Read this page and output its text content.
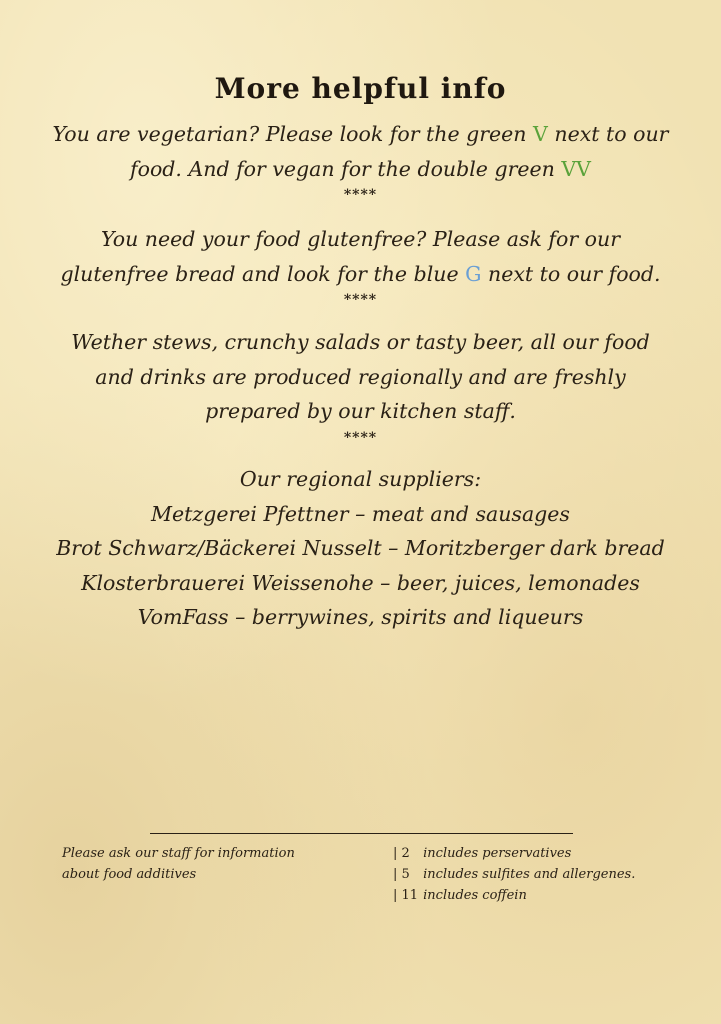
More helpful info
You are vegetarian? Please look for the green V next to our
food. And for vegan for the double green VV
****
You need your food glutenfree? Please ask for our
glutenfree bread and look for the blue G next to our food.
****
Wether stews, crunchy salads or tasty beer, all our food
and drinks are produced regionally and are freshly
prepared by our kitchen staff.
****
Our regional suppliers:
Metzgerei Pfettner – meat and sausages
Brot Schwarz/Bäckerei Nusselt – Moritzberger dark bread
Klosterbrauerei Weissenohe – beer, juices, lemonades
VomFass – berrywines, spirits and liqueurs
Please ask our staff for information
about food additives
| 2 includes perservatives
| 5 includes sulfites and allergenes.
| 11 includes coffein
